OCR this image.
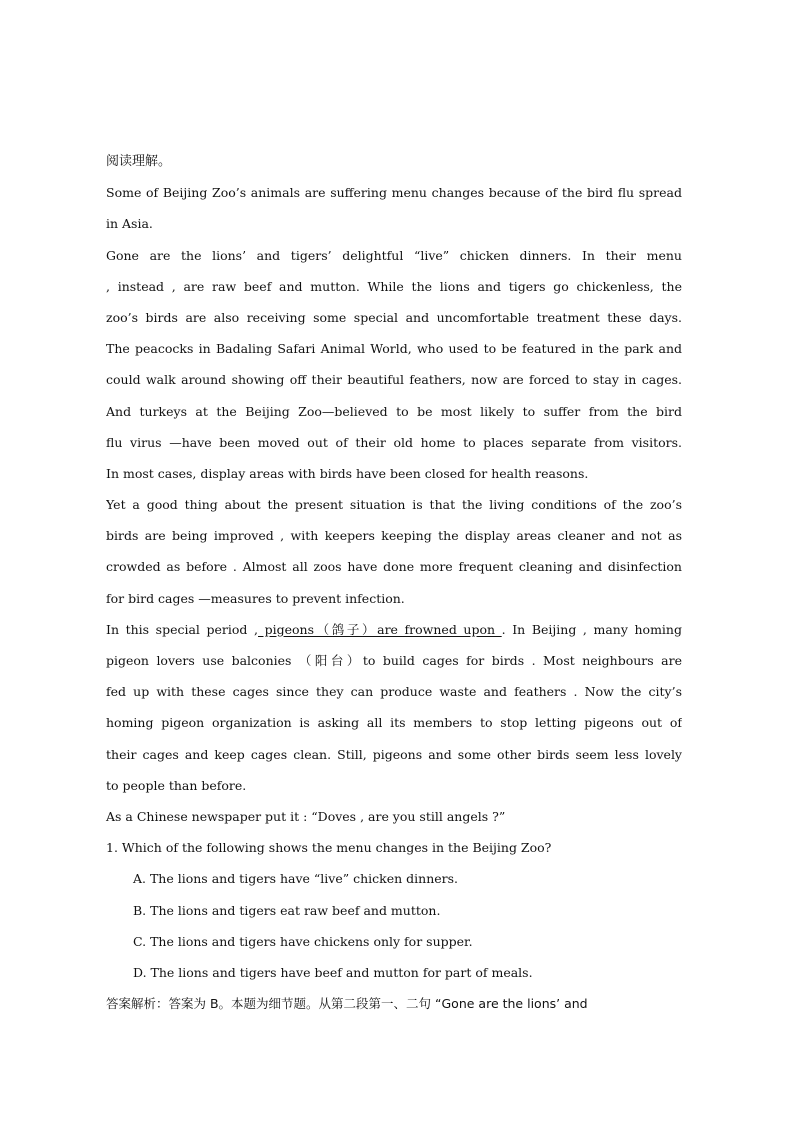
阅读理解。
Some of Beijing Zoo’s animals are suffering menu changes because of the bird flu spread
in Asia.
Gone are the lions’ and tigers’ delightful “live” chicken dinners. In their menu
, instead , are raw beef and mutton. While the lions and tigers go chickenless, the
zoo’s birds are also receiving some special and uncomfortable treatment these days.
The peacocks in Badaling Safari Animal World, who used to be featured in the park and
could walk around showing off their beautiful feathers, now are forced to stay in cages.
And turkeys at the Beijing Zoo—believed to be most likely to suffer from the bird
flu virus —have been moved out of their old home to places separate from visitors.
In most cases, display areas with birds have been closed for health reasons.
Yet a good thing about the present situation is that the living conditions of the zoo’s
birds are being improved , with keepers keeping the display areas cleaner and not as
crowded as before . Almost all zoos have done more frequent cleaning and disinfection
for bird cages —measures to prevent infection.
In this special period , pigeons（鸽子）are frowned upon . In Beijing , many homing
pigeon lovers use balconies （阳台）to build cages for birds . Most neighbours are
fed up with these cages since they can produce waste and feathers . Now the city’s
homing pigeon organization is asking all its members to stop letting pigeons out of
their cages and keep cages clean. Still, pigeons and some other birds seem less lovely
to people than before.
As a Chinese newspaper put it : “Doves , are you still angels ?”
1. Which of the following shows the menu changes in the Beijing Zoo?
A. The lions and tigers have “live” chicken dinners.
B. The lions and tigers eat raw beef and mutton.
C. The lions and tigers have chickens only for supper.
D. The lions and tigers have beef and mutton for part of meals.
答案解析：答案为 B。本题为细节题。从第二段第一、二句 “Gone are the lions’ and
